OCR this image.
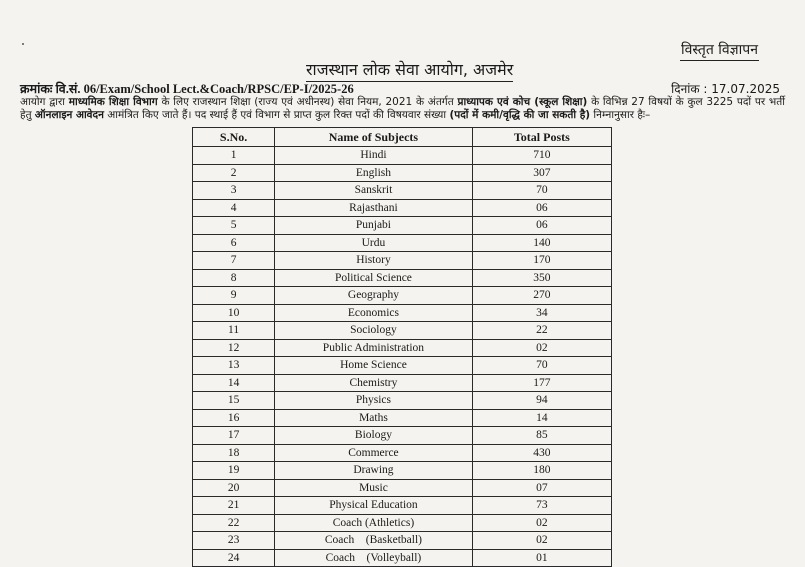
विस्तृत विज्ञापन
राजस्थान लोक सेवा आयोग, अजमेर
क्रमांकः वि.सं. 06/Exam/School Lect.&Coach/RPSC/EP-I/2025-26	दिनांक : 17.07.2025
आयोग द्वारा माध्यमिक शिक्षा विभाग के लिए राजस्थान शिक्षा (राज्य एवं अधीनस्थ) सेवा नियम, 2021 के अंतर्गत प्राध्यापक एवं कोच (स्कूल शिक्षा) के विभिन्न 27 विषयों के कुल 3225 पदों पर भर्ती हेतु ऑनलाइन आवेदन आमंत्रित किए जाते हैं। पद स्थाई हैं एवं विभाग से प्राप्त कुल रिक्त पदों की विषयवार संख्या (पदों में कमी/वृद्धि की जा सकती है) निम्नानुसार हैः–
S.No.	Name of Subjects	Total Posts
1	Hindi	710
2	English	307
3	Sanskrit	70
4	Rajasthani	06
5	Punjabi	06
6	Urdu	140
7	History	170
8	Political Science	350
9	Geography	270
10	Economics	34
11	Sociology	22
12	Public Administration	02
13	Home Science	70
14	Chemistry	177
15	Physics	94
16	Maths	14
17	Biology	85
18	Commerce	430
19	Drawing	180
20	Music	07
21	Physical Education	73
22	Coach (Athletics)	02
23	Coach    (Basketball)	02
24	Coach    (Volleyball)	01
